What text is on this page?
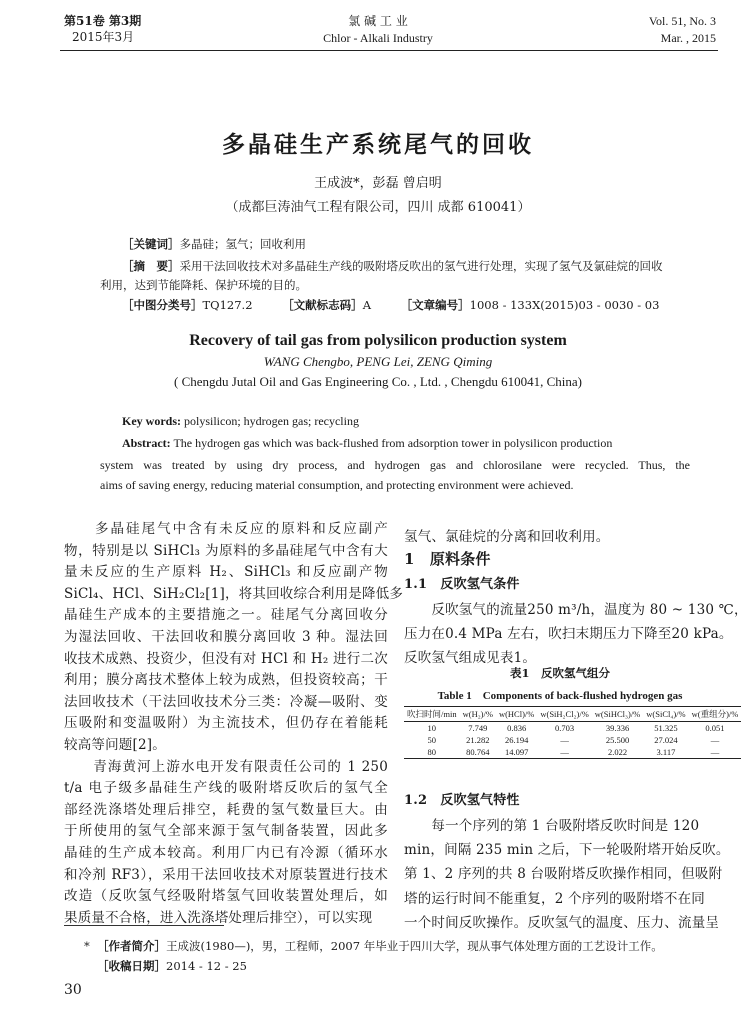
第51卷 第3期
2015年3月
氯 碱 工 业
Chlor - Alkali Industry
Vol. 51, No. 3
Mar. , 2015
多晶硅生产系统尾气的回收
王成波*，彭磊 曾启明
（成都巨涛油气工程有限公司，四川 成都 610041）
［关键词］多晶硅；氢气；回收利用
［摘　要］采用干法回收技术对多晶硅生产线的吸附塔反吹出的氢气进行处理，实现了氢气及氯硅烷的回收
利用，达到节能降耗、保护环境的目的。
［中图分类号］TQ127.2	［文献标志码］A	［文章编号］1008 - 133X(2015)03 - 0030 - 03
Recovery of tail gas from polysilicon production system
WANG Chengbo, PENG Lei, ZENG Qiming
( Chengdu Jutal Oil and Gas Engineering Co. , Ltd. , Chengdu 610041, China)
Key words: polysilicon; hydrogen gas; recycling
Abstract: The hydrogen gas which was back-flushed from adsorption tower in polysilicon production
system was treated by using dry process, and hydrogen gas and chlorosilane were recycled. Thus, the
aims of saving energy, reducing material consumption, and protecting environment were achieved.
　　多晶硅尾气中含有未反应的原料和反应副产
物，特别是以 SiHCl₃ 为原料的多晶硅尾气中含有大
量未反应的生产原料 H₂、SiHCl₃ 和反应副产物
SiCl₄、HCl、SiH₂Cl₂[1]，将其回收综合利用是降低多
晶硅生产成本的主要措施之一。硅尾气分离回收分
为湿法回收、干法回收和膜分离回收 3 种。湿法回
收技术成熟、投资少，但没有对 HCl 和 H₂ 进行二次
利用；膜分离技术整体上较为成熟，但投资较高；干
法回收技术（干法回收技术分三类：冷凝—吸附、变
压吸附和变温吸附）为主流技术，但仍存在着能耗
较高等问题[2]。
　　青海黄河上游水电开发有限责任公司的 1 250
t/a 电子级多晶硅生产线的吸附塔反吹后的氢气全
部经洗涤塔处理后排空，耗费的氢气数量巨大。由
于所使用的氢气全部来源于氢气制备装置，因此多
晶硅的生产成本较高。利用厂内已有冷源（循环水
和冷剂 RF3），采用干法回收技术对原装置进行技术
改造（反吹氢气经吸附塔氢气回收装置处理后，如
果质量不合格，进入洗涤塔处理后排空），可以实现
氢气、氯硅烷的分离和回收利用。
1　原料条件
1.1　反吹氢气条件
　　反吹氢气的流量250 m³/h，温度为 80 ~ 130 ℃，
压力在0.4 MPa 左右，吹扫末期压力下降至20 kPa。
反吹氢气组成见表1。
表1　反吹氢气组分
Table 1　Components of back-flushed hydrogen gas
吹扫时间/min	w(H₂)/%	w(HCl)/%	w(SiH₂Cl₂)/%	w(SiHCl₃)/%	w(SiCl₄)/%	w(重组分)/%
10	7.749	0.836	0.703	39.336	51.325	0.051
50	21.282	26.194	—	25.500	27.024	—
80	80.764	14.097	—	2.022	3.117	—
1.2　反吹氢气特性
　　每一个序列的第 1 台吸附塔反吹时间是 120
min，间隔 235 min 之后，下一轮吸附塔开始反吹。
第 1、2 序列的共 8 台吸附塔反吹操作相同，但吸附
塔的运行时间不能重复，2 个序列的吸附塔不在同
一个时间反吹操作。反吹氢气的温度、压力、流量呈
* ［作者简介］王成波(1980—)，男，工程师，2007 年毕业于四川大学，现从事气体处理方面的工艺设计工作。
［收稿日期］2014 - 12 - 25
30
